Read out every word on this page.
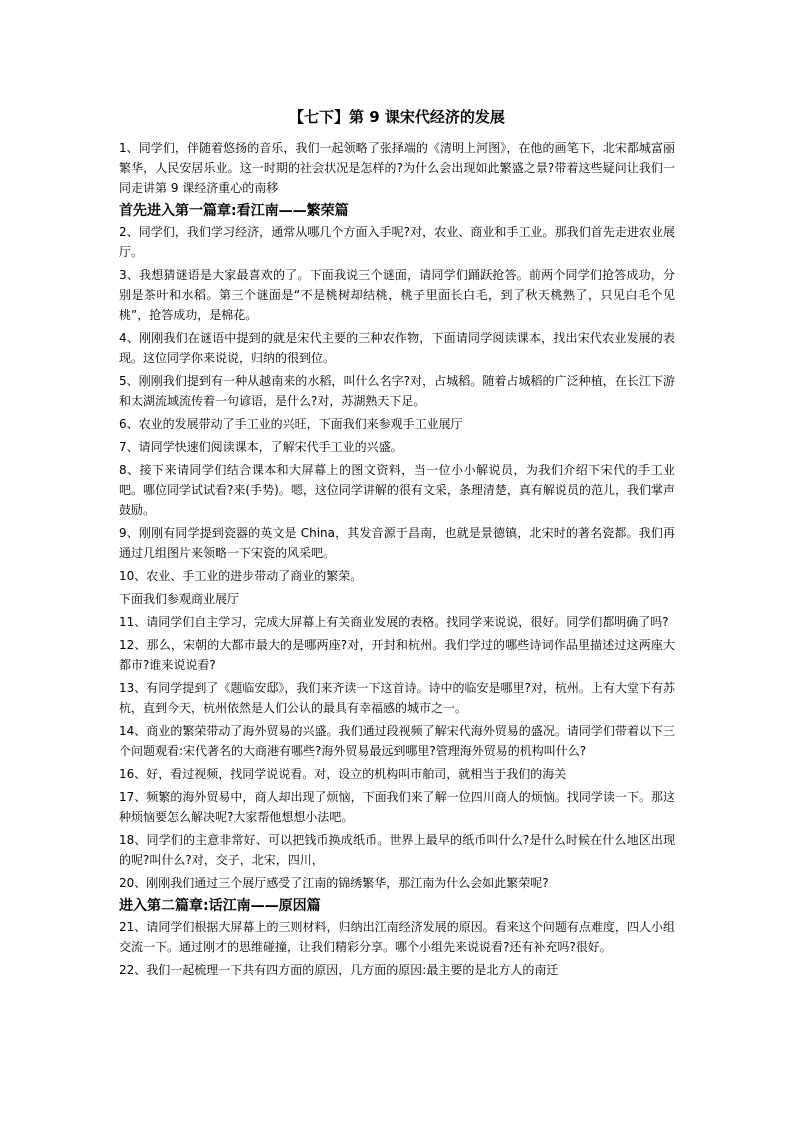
【七下】第 9 课宋代经济的发展
1、同学们，伴随着悠扬的音乐，我们一起领略了张择端的《清明上河图》，在他的画笔下，北宋都城富丽繁华，人民安居乐业。这一时期的社会状况是怎样的?为什么会出现如此繁盛之景?带着这些疑问让我们一同走讲第 9 课经济重心的南移
首先进入第一篇章:看江南——繁荣篇
2、同学们，我们学习经济，通常从哪几个方面入手呢?对，农业、商业和手工业。那我们首先走进农业展厅。
3、我想猜谜语是大家最喜欢的了。下面我说三个谜面，请同学们踊跃抢答。前两个同学们抢答成功，分别是茶叶和水稻。第三个谜面是“不是桃树却结桃，桃子里面长白毛，到了秋天桃熟了，只见白毛个见桃”，抢答成功，是棉花。
4、刚刚我们在谜语中提到的就是宋代主要的三种农作物，下面请同学阅读课本，找出宋代农业发展的表现。这位同学你来说说，归纳的很到位。
5、刚刚我们提到有一种从越南来的水稻，叫什么名字?对，占城稻。随着占城稻的广泛种植，在长江下游和太湖流域流传着一句谚语，是什么?对，苏湖熟天下足。
6、农业的发展带动了手工业的兴旺，下面我们来参观手工业展厅
7、请同学快速们阅读课本，了解宋代手工业的兴盛。
8、接下来请同学们结合课本和大屏幕上的图文资料，当一位小小解说员，为我们介绍下宋代的手工业吧。哪位同学试试看?来(手势)。嗯，这位同学讲解的很有文采，条理清楚，真有解说员的范儿，我们掌声鼓励。
9、刚刚有同学提到瓷器的英文是 China，其发音源于昌南，也就是景德镇，北宋时的著名瓷都。我们再通过几组图片来领略一下宋瓷的风采吧。
10、农业、手工业的进步带动了商业的繁荣。
下面我们参观商业展厅
11、请同学们自主学习，完成大屏幕上有关商业发展的表格。找同学来说说，很好。同学们都明确了吗?
12、那么，宋朝的大都市最大的是哪两座?对，开封和杭州。我们学过的哪些诗词作品里描述过这两座大都市?谁来说说看?
13、有同学提到了《题临安邸》，我们来齐读一下这首诗。诗中的临安是哪里?对，杭州。上有大堂下有苏杭，直到今天，杭州依然是人们公认的最具有幸福感的城市之一。
14、商业的繁荣带动了海外贸易的兴盛。我们通过段视频了解宋代海外贸易的盛况。请同学们带着以下三个问题观看:宋代著名的大商港有哪些?海外贸易最远到哪里?管理海外贸易的机构叫什么?
16、好，看过视频，找同学说说看。对，设立的机构叫市舶司，就相当于我们的海关
17、频繁的海外贸易中，商人却出现了烦恼，下面我们来了解一位四川商人的烦恼。找同学读一下。那这种烦恼要怎么解决呢?大家帮他想想小法吧。
18、同学们的主意非常好、可以把钱币换成纸币。世界上最早的纸币叫什么?是什么时候在什么地区出现的呢?叫什么?对，交子，北宋，四川，
20、刚刚我们通过三个展厅感受了江南的锦绣繁华，那江南为什么会如此繁荣呢?
进入第二篇章:话江南——原因篇
21、请同学们根据大屏幕上的三则材料，归纳出江南经济发展的原因。看来这个问题有点难度，四人小组交流一下。通过刚才的思维碰撞，让我们精彩分享。哪个小组先来说说看?还有补充吗?很好。
22、我们一起梳理一下共有四方面的原因，几方面的原因:最主要的是北方人的南迁
